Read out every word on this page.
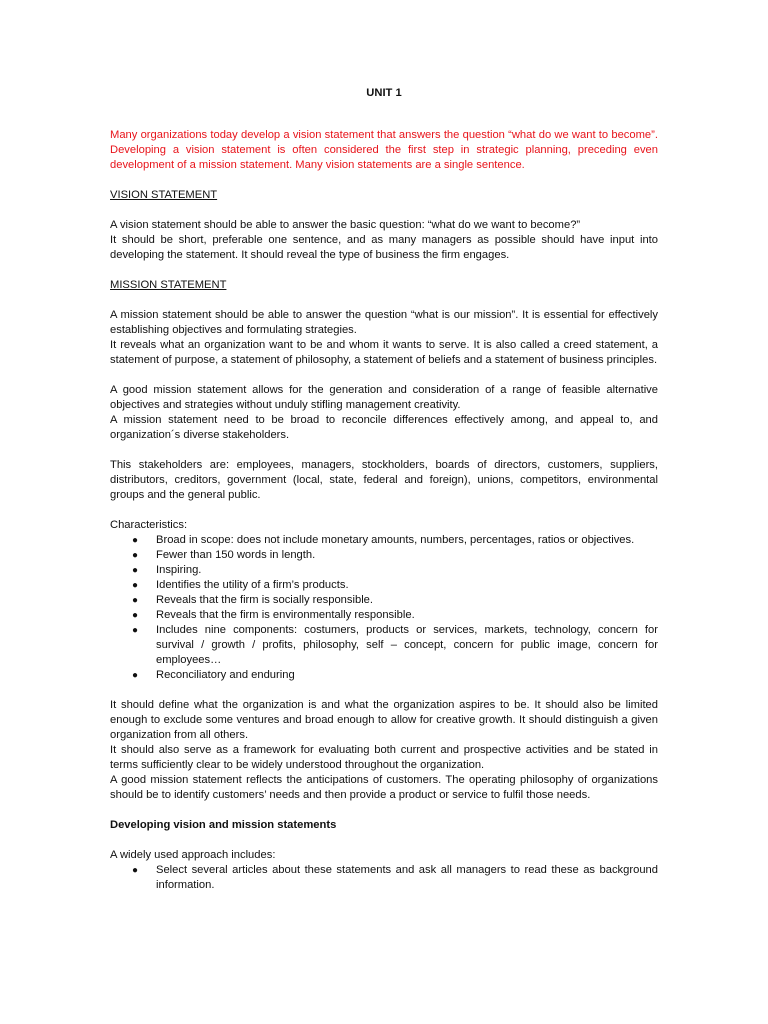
UNIT 1

Many organizations today develop a vision statement that answers the question “what do we want to become”. Developing a vision statement is often considered the first step in strategic planning, preceding even development of a mission statement. Many vision statements are a single sentence.

VISION STATEMENT

A vision statement should be able to answer the basic question: “what do we want to become?”

It should be short, preferable one sentence, and as many managers as possible should have input into developing the statement. It should reveal the type of business the firm engages.

MISSION STATEMENT

A mission statement should be able to answer the question “what is our mission”. It is essential for effectively establishing objectives and formulating strategies.

It reveals what an organization want to be and whom it wants to serve. It is also called a creed statement, a statement of purpose, a statement of philosophy, a statement of beliefs and a statement of business principles.

A good mission statement allows for the generation and consideration of a range of feasible alternative objectives and strategies without unduly stifling management creativity.

A mission statement need to be broad to reconcile differences effectively among, and appeal to, and organization´s diverse stakeholders.

This stakeholders are: employees, managers, stockholders, boards of directors, customers, suppliers, distributors, creditors, government (local, state, federal and foreign), unions, competitors, environmental groups and the general public.

Characteristics:

● Broad in scope: does not include monetary amounts, numbers, percentages, ratios or objectives.
● Fewer than 150 words in length.
● Inspiring.
● Identifies the utility of a firm’s products.
● Reveals that the firm is socially responsible.
● Reveals that the firm is environmentally responsible.
● Includes nine components: costumers, products or services, markets, technology, concern for survival / growth / profits, philosophy, self – concept, concern for public image, concern for employees…
● Reconciliatory and enduring

It should define what the organization is and what the organization aspires to be. It should also be limited enough to exclude some ventures and broad enough to allow for creative growth. It should distinguish a given organization from all others.

It should also serve as a framework for evaluating both current and prospective activities and be stated in terms sufficiently clear to be widely understood throughout the organization.

A good mission statement reflects the anticipations of customers. The operating philosophy of organizations should be to identify customers’ needs and then provide a product or service to fulfil those needs.

Developing vision and mission statements

A widely used approach includes:

● Select several articles about these statements and ask all managers to read these as background information.
